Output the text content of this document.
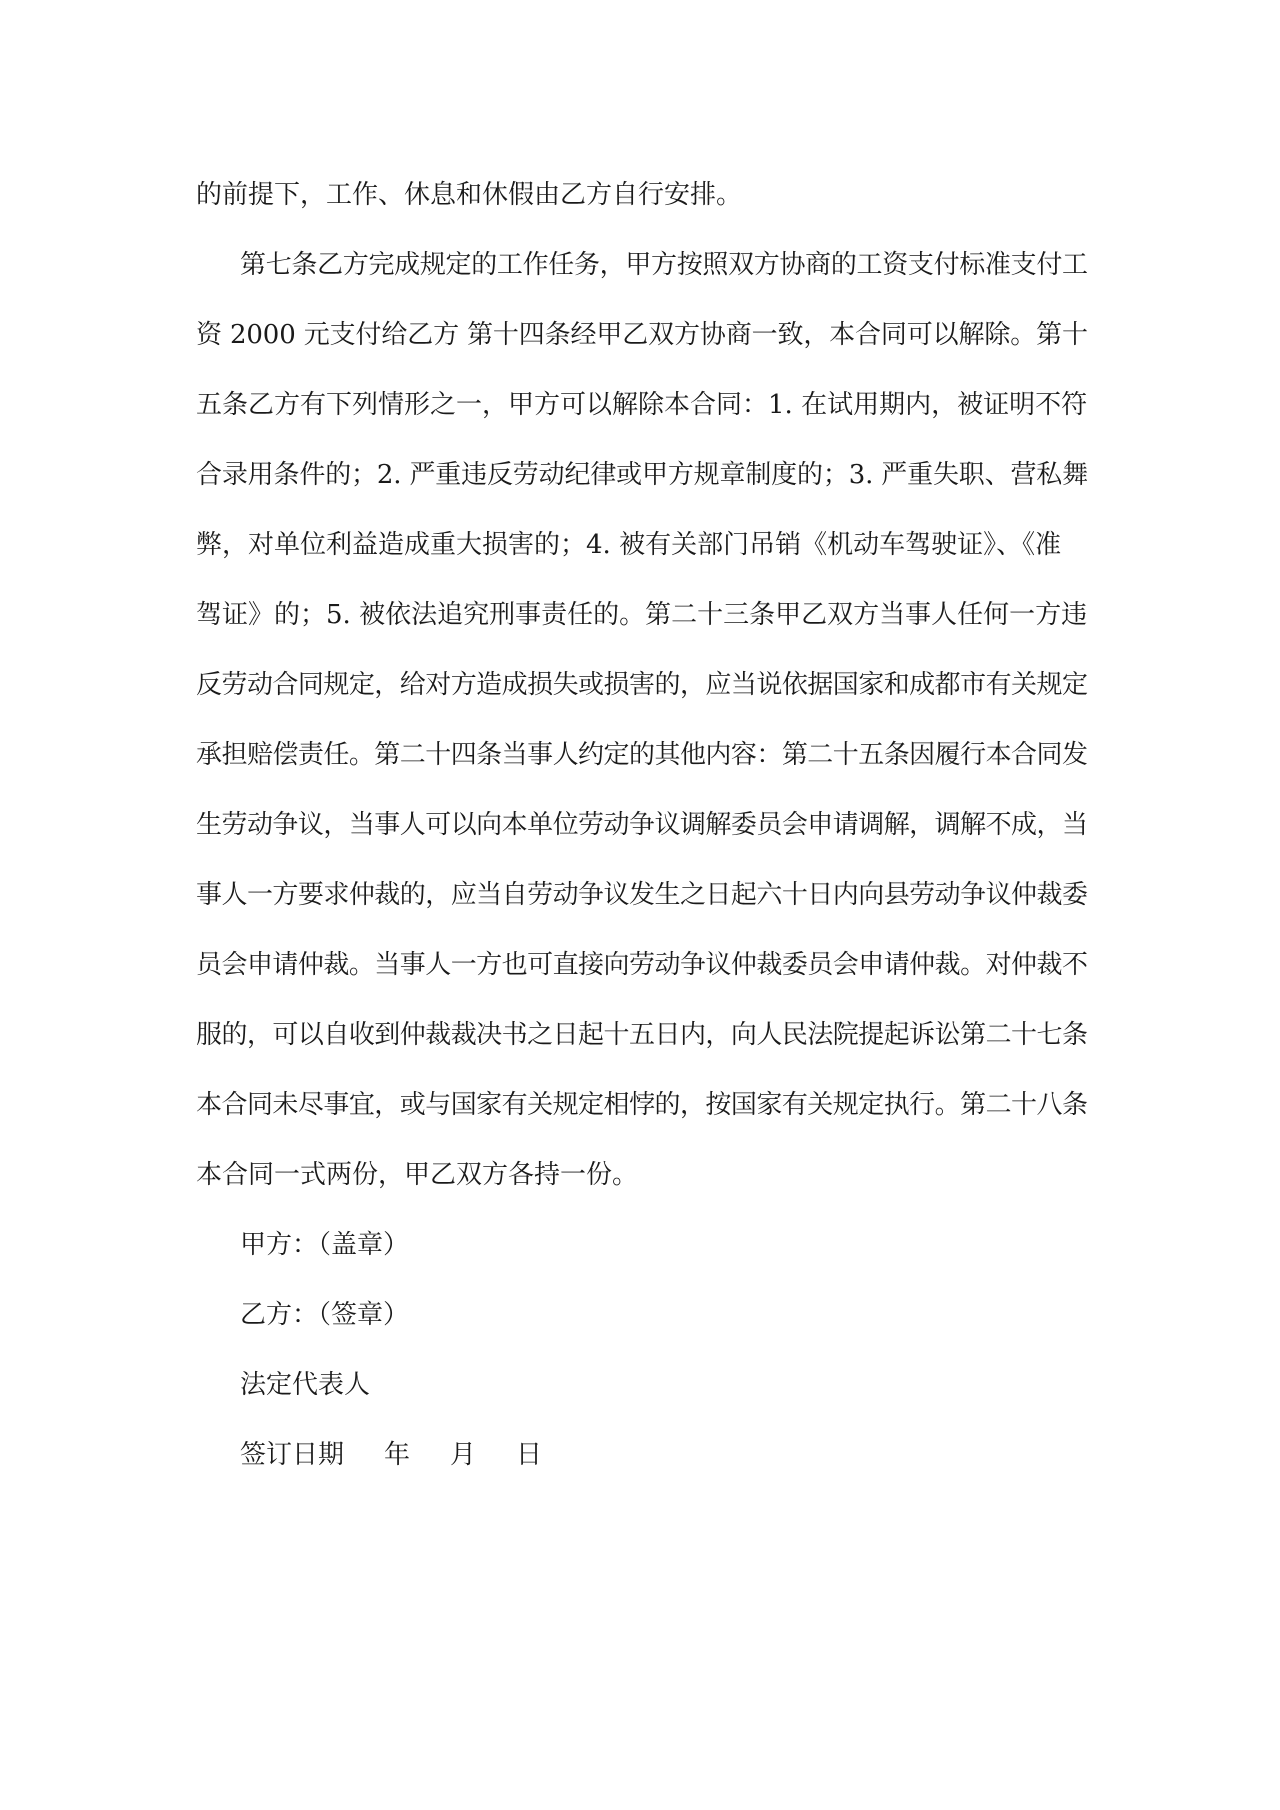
的前提下，工作、休息和休假由乙方自行安排。
第七条乙方完成规定的工作任务，甲方按照双方协商的工资支付标准支付工
资 2000 元支付给乙方 第十四条经甲乙双方协商一致，本合同可以解除。第十
五条乙方有下列情形之一，甲方可以解除本合同：1. 在试用期内，被证明不符
合录用条件的；2. 严重违反劳动纪律或甲方规章制度的；3. 严重失职、营私舞
弊，对单位利益造成重大损害的；4. 被有关部门吊销《机动车驾驶证》、《准
驾证》的；5. 被依法追究刑事责任的。第二十三条甲乙双方当事人任何一方违
反劳动合同规定，给对方造成损失或损害的，应当说依据国家和成都市有关规定
承担赔偿责任。第二十四条当事人约定的其他内容：第二十五条因履行本合同发
生劳动争议，当事人可以向本单位劳动争议调解委员会申请调解，调解不成，当
事人一方要求仲裁的，应当自劳动争议发生之日起六十日内向县劳动争议仲裁委
员会申请仲裁。当事人一方也可直接向劳动争议仲裁委员会申请仲裁。对仲裁不
服的，可以自收到仲裁裁决书之日起十五日内，向人民法院提起诉讼第二十七条
本合同未尽事宜，或与国家有关规定相悖的，按国家有关规定执行。第二十八条
本合同一式两份，甲乙双方各持一份。
甲方：（盖章）
乙方：（签章）
法定代表人
签订日期 年 月 日
